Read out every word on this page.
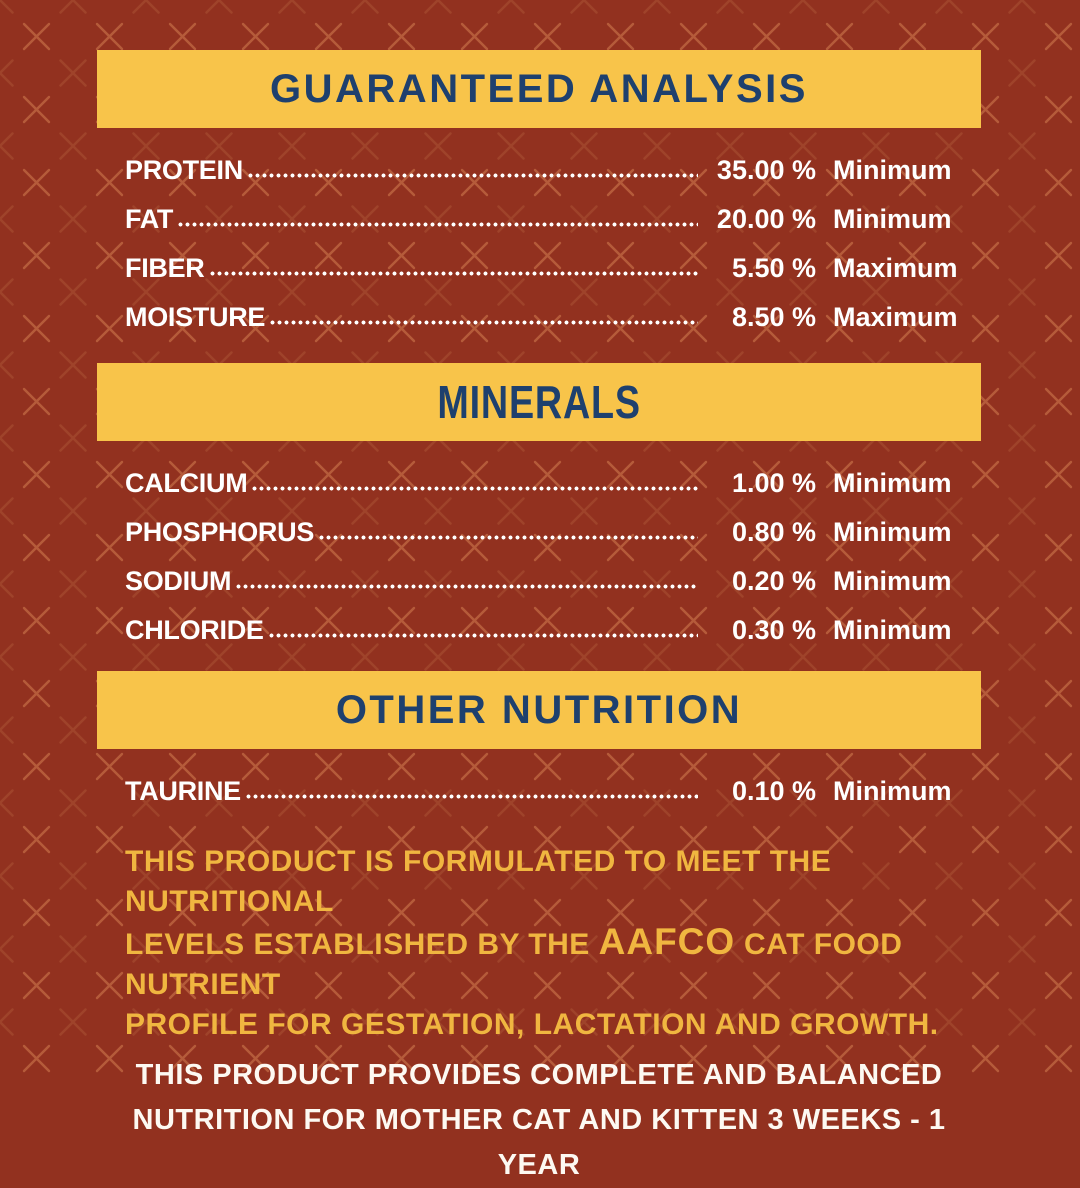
GUARANTEED ANALYSIS
PROTEIN	35.00 % Minimum
FAT	20.00 % Minimum
FIBER	5.50 % Maximum
MOISTURE	8.50 % Maximum
MINERALS
CALCIUM	1.00 % Minimum
PHOSPHORUS	0.80 % Minimum
SODIUM	0.20 % Minimum
CHLORIDE	0.30 % Minimum
OTHER NUTRITION
TAURINE	0.10 % Minimum

THIS PRODUCT IS FORMULATED TO MEET THE NUTRITIONAL
LEVELS ESTABLISHED BY THE AAFCO CAT FOOD NUTRIENT
PROFILE FOR GESTATION, LACTATION AND GROWTH.

THIS PRODUCT PROVIDES COMPLETE AND BALANCED
NUTRITION FOR MOTHER CAT AND KITTEN 3 WEEKS - 1 YEAR
